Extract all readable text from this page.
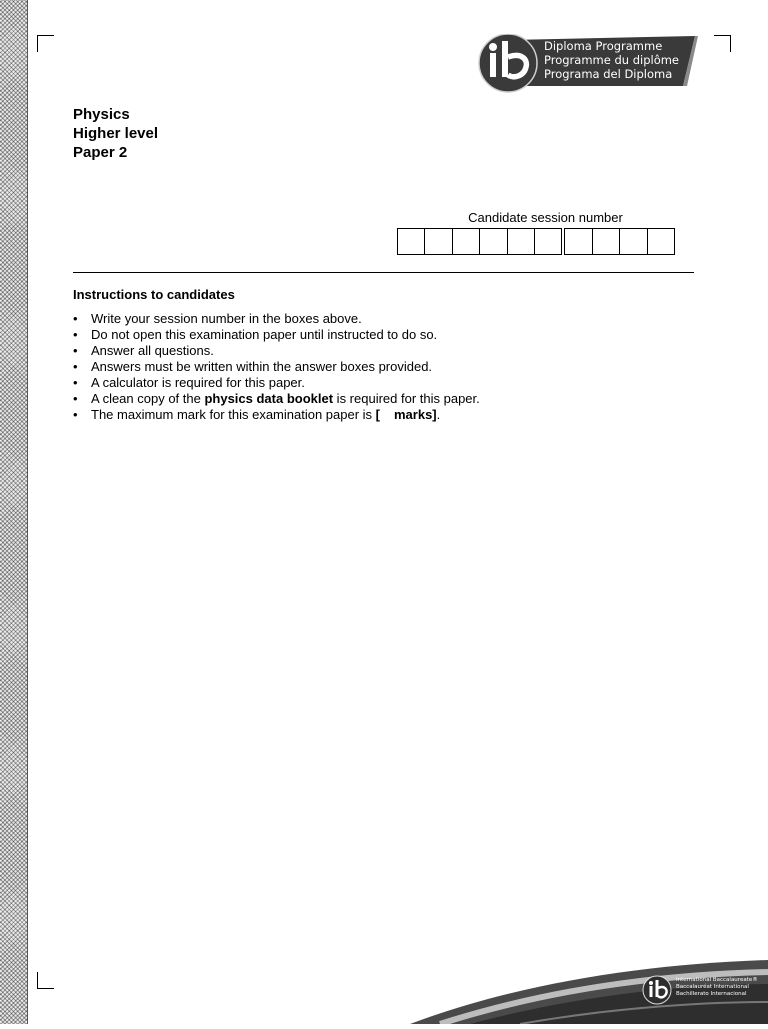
Diploma Programme
Programme du diplôme
Programa del Diploma
Physics
Higher level
Paper 2
Candidate session number
Instructions to candidates
• Write your session number in the boxes above.
• Do not open this examination paper until instructed to do so.
• Answer all questions.
• Answers must be written within the answer boxes provided.
• A calculator is required for this paper.
• A clean copy of the physics data booklet is required for this paper.
• The maximum mark for this examination paper is [ marks].
International Baccalaureate®
Baccalauréat International
Bachillerato Internacional
